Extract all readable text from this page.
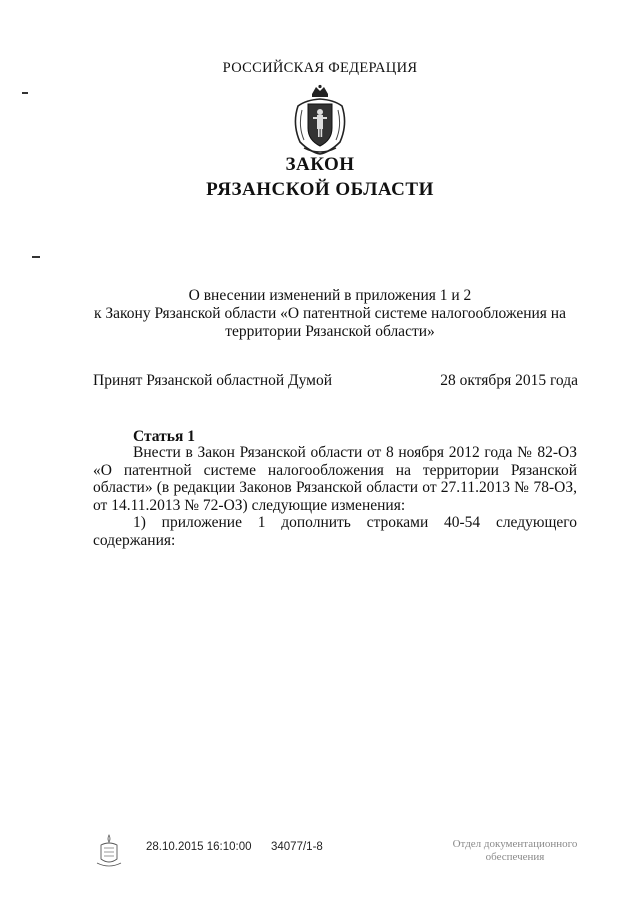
РОССИЙСКАЯ ФЕДЕРАЦИЯ
ЗАКОН
РЯЗАНСКОЙ ОБЛАСТИ
О внесении изменений в приложения 1 и 2
к Закону Рязанской области «О патентной системе налогообложения на
территории Рязанской области»
Принят Рязанской областной Думой	28 октября 2015 года
Статья 1

Внести в Закон Рязанской области от 8 ноября 2012 года № 82-ОЗ «О патентной системе налогообложения на территории Рязанской области» (в редакции Законов Рязанской области от 27.11.2013 № 78-ОЗ, от 14.11.2013 № 72-ОЗ) следующие изменения:

1) приложение 1 дополнить строками 40-54 следующего содержания:

28.10.2015 16:10:00 34077/1-8	Отдел документационного
обеспечения
